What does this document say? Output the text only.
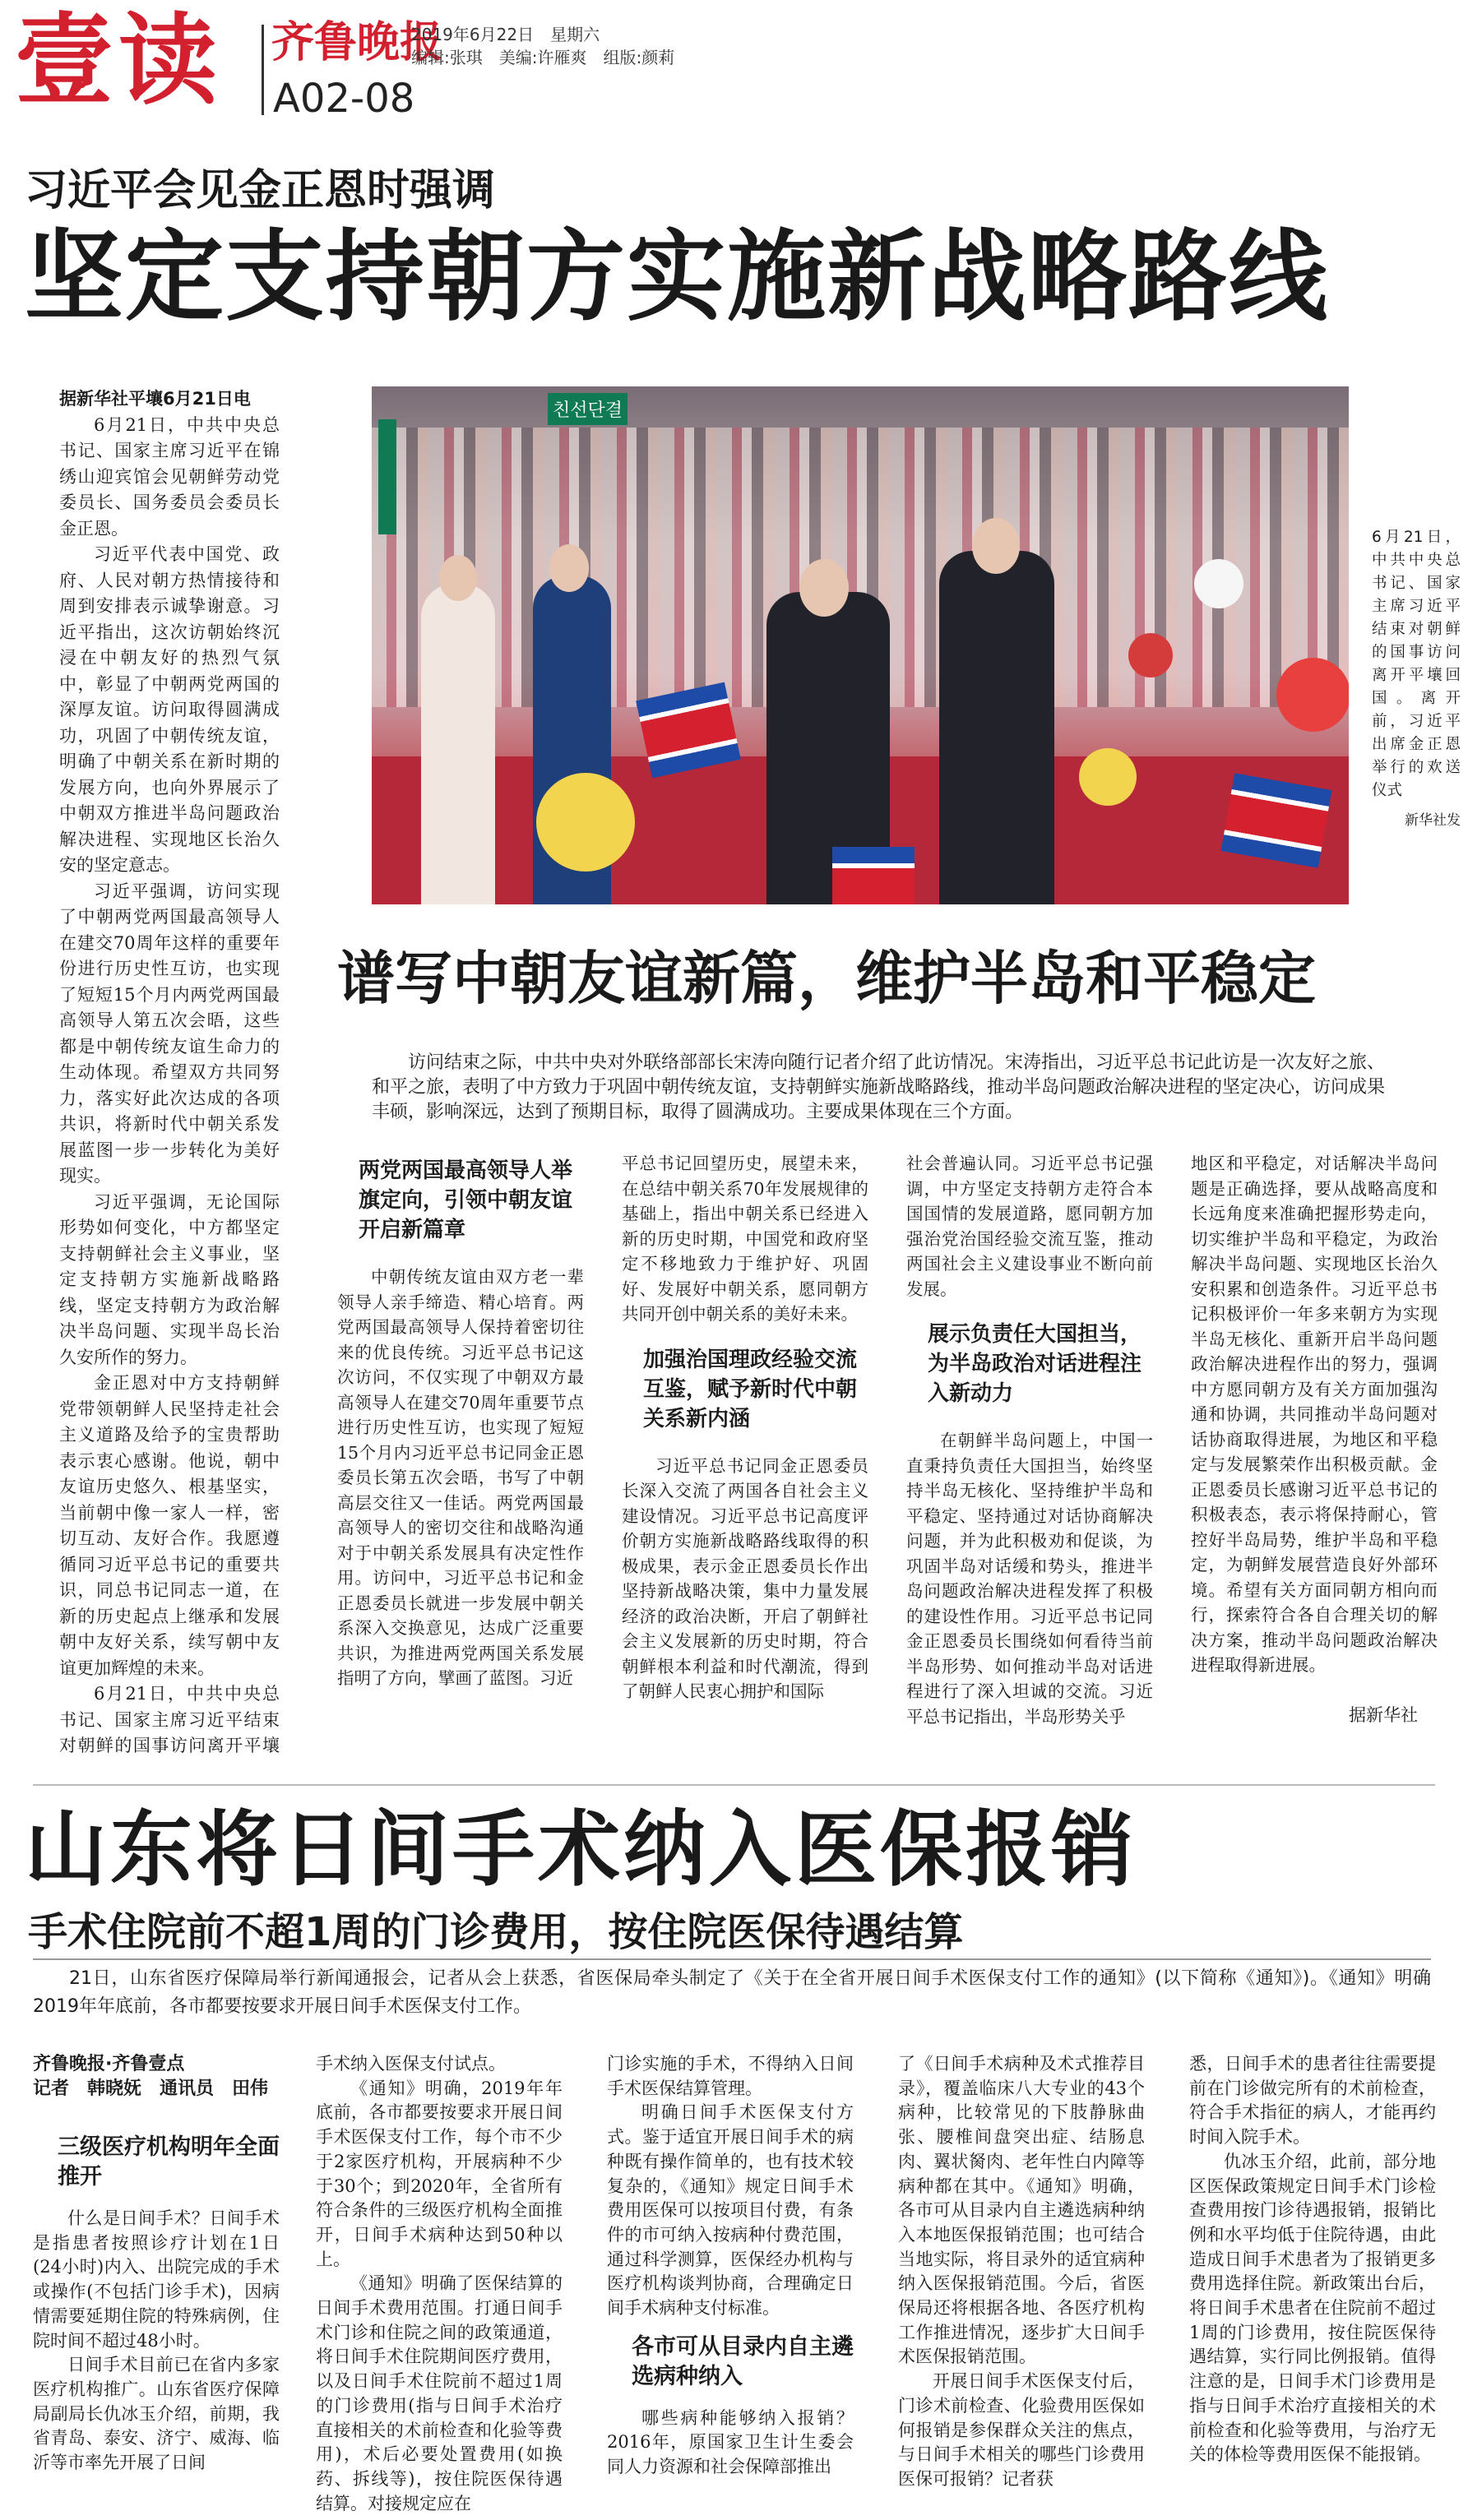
壹读 齐鲁晚报
A02-08
2019年6月22日　星期六
编辑:张琪　美编:许雁爽　组版:颜莉
习近平会见金正恩时强调
坚定支持朝方实施新战略路线

据新华社平壤6月21日电

6月21日，中共中央总书记、国家主席习近平在锦绣山迎宾馆会见朝鲜劳动党委员长、国务委员会委员长金正恩。

习近平代表中国党、政府、人民对朝方热情接待和周到安排表示诚挚谢意。习近平指出，这次访朝始终沉浸在中朝友好的热烈气氛中，彰显了中朝两党两国的深厚友谊。访问取得圆满成功，巩固了中朝传统友谊，明确了中朝关系在新时期的发展方向，也向外界展示了中朝双方推进半岛问题政治解决进程、实现地区长治久安的坚定意志。

习近平强调，访问实现了中朝两党两国最高领导人在建交70周年这样的重要年份进行历史性互访，也实现了短短15个月内两党两国最高领导人第五次会晤，这些都是中朝传统友谊生命力的生动体现。希望双方共同努力，落实好此次达成的各项共识，将新时代中朝关系发展蓝图一步一步转化为美好现实。

习近平强调，无论国际形势如何变化，中方都坚定支持朝鲜社会主义事业，坚定支持朝方实施新战略路线，坚定支持朝方为政治解决半岛问题、实现半岛长治久安所作的努力。

金正恩对中方支持朝鲜党带领朝鲜人民坚持走社会主义道路及给予的宝贵帮助表示衷心感谢。他说，朝中友谊历史悠久、根基坚实，当前朝中像一家人一样，密切互动、友好合作。我愿遵循同习近平总书记的重要共识，同总书记同志一道，在新的历史起点上继承和发展朝中友好关系，续写朝中友谊更加辉煌的未来。

6月21日，中共中央总书记、国家主席习近平结束对朝鲜的国事访问离开平壤

친선단결
6月21日，中共中央总书记、国家主席习近平结束对朝鲜的国事访问离开平壤回国。离开前，习近平出席金正恩举行的欢送仪式
新华社发
谱写中朝友谊新篇，维护半岛和平稳定

访问结束之际，中共中央对外联络部部长宋涛向随行记者介绍了此访情况。宋涛指出，习近平总书记此访是一次友好之旅、和平之旅，表明了中方致力于巩固中朝传统友谊，支持朝鲜实施新战略路线，推动半岛问题政治解决进程的坚定决心，访问成果丰硕，影响深远，达到了预期目标，取得了圆满成功。主要成果体现在三个方面。

两党两国最高领导人举旗定向，引领中朝友谊开启新篇章

中朝传统友谊由双方老一辈领导人亲手缔造、精心培育。两党两国最高领导人保持着密切往来的优良传统。习近平总书记这次访问，不仅实现了中朝双方最高领导人在建交70周年重要节点进行历史性互访，也实现了短短15个月内习近平总书记同金正恩委员长第五次会晤，书写了中朝高层交往又一佳话。两党两国最高领导人的密切交往和战略沟通对于中朝关系发展具有决定性作用。访问中，习近平总书记和金正恩委员长就进一步发展中朝关系深入交换意见，达成广泛重要共识，为推进两党两国关系发展指明了方向，擘画了蓝图。习近

平总书记回望历史，展望未来，在总结中朝关系70年发展规律的基础上，指出中朝关系已经进入新的历史时期，中国党和政府坚定不移地致力于维护好、巩固好、发展好中朝关系，愿同朝方共同开创中朝关系的美好未来。

加强治国理政经验交流互鉴，赋予新时代中朝关系新内涵

习近平总书记同金正恩委员长深入交流了两国各自社会主义建设情况。习近平总书记高度评价朝方实施新战略路线取得的积极成果，表示金正恩委员长作出坚持新战略决策，集中力量发展经济的政治决断，开启了朝鲜社会主义发展新的历史时期，符合朝鲜根本利益和时代潮流，得到了朝鲜人民衷心拥护和国际

社会普遍认同。习近平总书记强调，中方坚定支持朝方走符合本国国情的发展道路，愿同朝方加强治党治国经验交流互鉴，推动两国社会主义建设事业不断向前发展。

展示负责任大国担当，为半岛政治对话进程注入新动力

在朝鲜半岛问题上，中国一直秉持负责任大国担当，始终坚持半岛无核化、坚持维护半岛和平稳定、坚持通过对话协商解决问题，并为此积极劝和促谈，为巩固半岛对话缓和势头，推进半岛问题政治解决进程发挥了积极的建设性作用。习近平总书记同金正恩委员长围绕如何看待当前半岛形势、如何推动半岛对话进程进行了深入坦诚的交流。习近平总书记指出，半岛形势关乎

地区和平稳定，对话解决半岛问题是正确选择，要从战略高度和长远角度来准确把握形势走向，切实维护半岛和平稳定，为政治解决半岛问题、实现地区长治久安积累和创造条件。习近平总书记积极评价一年多来朝方为实现半岛无核化、重新开启半岛问题政治解决进程作出的努力，强调中方愿同朝方及有关方面加强沟通和协调，共同推动半岛问题对话协商取得进展，为地区和平稳定与发展繁荣作出积极贡献。金正恩委员长感谢习近平总书记的积极表态，表示将保持耐心，管控好半岛局势，维护半岛和平稳定，为朝鲜发展营造良好外部环境。希望有关方面同朝方相向而行，探索符合各自合理关切的解决方案，推动半岛问题政治解决进程取得新进展。

据新华社
山东将日间手术纳入医保报销
手术住院前不超1周的门诊费用，按住院医保待遇结算

21日，山东省医疗保障局举行新闻通报会，记者从会上获悉，省医保局牵头制定了《关于在全省开展日间手术医保支付工作的通知》(以下简称《通知》)。《通知》明确2019年年底前，各市都要按要求开展日间手术医保支付工作。

齐鲁晚报·齐鲁壹点
记者　韩晓妩　通讯员　田伟
三级医疗机构明年全面推开

什么是日间手术？日间手术是指患者按照诊疗计划在1日(24小时)内入、出院完成的手术或操作(不包括门诊手术)，因病情需要延期住院的特殊病例，住院时间不超过48小时。

日间手术目前已在省内多家医疗机构推广。山东省医疗保障局副局长仇冰玉介绍，前期，我省青岛、泰安、济宁、威海、临沂等市率先开展了日间

手术纳入医保支付试点。

《通知》明确，2019年年底前，各市都要按要求开展日间手术医保支付工作，每个市不少于2家医疗机构，开展病种不少于30个；到2020年，全省所有符合条件的三级医疗机构全面推开，日间手术病种达到50种以上。

《通知》明确了医保结算的日间手术费用范围。打通日间手术门诊和住院之间的政策通道，将日间手术住院期间医疗费用，以及日间手术住院前不超过1周的门诊费用(指与日间手术治疗直接相关的术前检查和化验等费用)，术后必要处置费用(如换药、拆线等)，按住院医保待遇结算。对接规定应在

门诊实施的手术，不得纳入日间手术医保结算管理。

明确日间手术医保支付方式。鉴于适宜开展日间手术的病种既有操作简单的，也有技术较复杂的，《通知》规定日间手术费用医保可以按项目付费，有条件的市可纳入按病种付费范围，通过科学测算，医保经办机构与医疗机构谈判协商，合理确定日间手术病种支付标准。

各市可从目录内自主遴选病种纳入

哪些病种能够纳入报销？2016年，原国家卫生计生委会同人力资源和社会保障部推出

了《日间手术病种及术式推荐目录》，覆盖临床八大专业的43个病种，比较常见的下肢静脉曲张、腰椎间盘突出症、结肠息肉、翼状胬肉、老年性白内障等病种都在其中。《通知》明确，各市可从目录内自主遴选病种纳入本地医保报销范围；也可结合当地实际，将目录外的适宜病种纳入医保报销范围。今后，省医保局还将根据各地、各医疗机构工作推进情况，逐步扩大日间手术医保报销范围。

开展日间手术医保支付后，门诊术前检查、化验费用医保如何报销是参保群众关注的焦点，与日间手术相关的哪些门诊费用医保可报销？记者获

悉，日间手术的患者往往需要提前在门诊做完所有的术前检查，符合手术指征的病人，才能再约时间入院手术。

仇冰玉介绍，此前，部分地区医保政策规定日间手术门诊检查费用按门诊待遇报销，报销比例和水平均低于住院待遇，由此造成日间手术患者为了报销更多费用选择住院。新政策出台后，将日间手术患者在住院前不超过1周的门诊费用，按住院医保待遇结算，实行同比例报销。值得注意的是，日间手术门诊费用是指与日间手术治疗直接相关的术前检查和化验等费用，与治疗无关的体检等费用医保不能报销。
